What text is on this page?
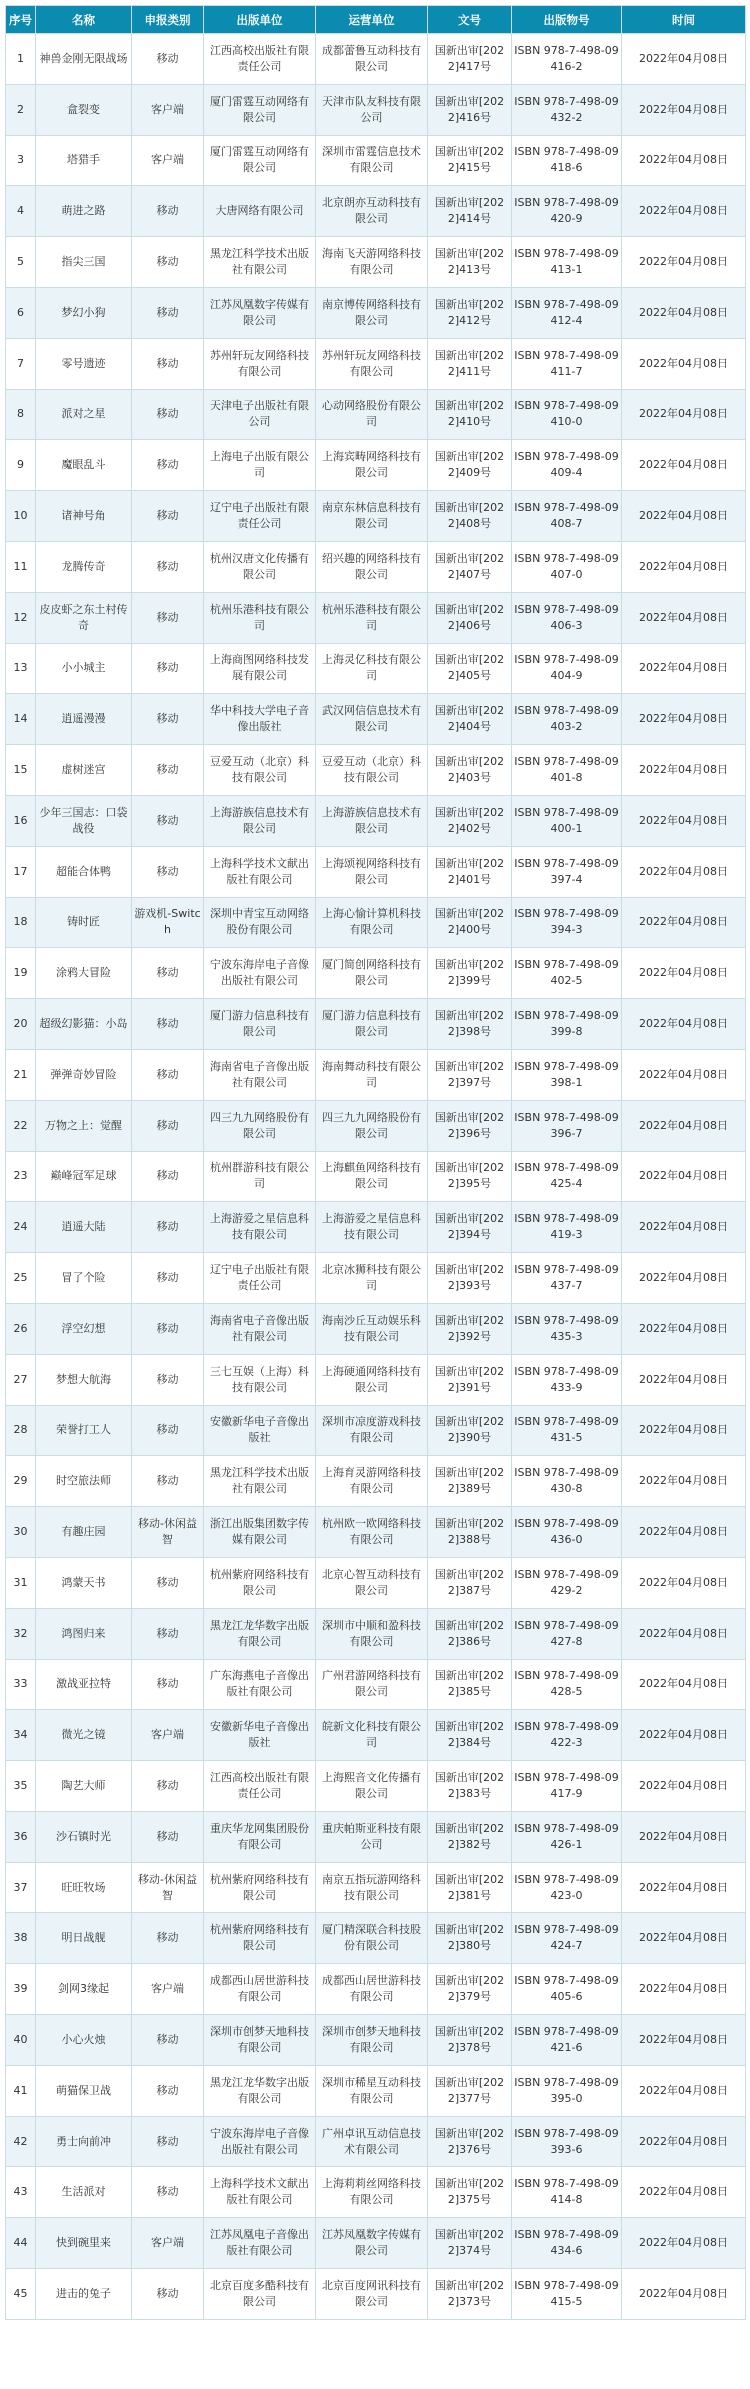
序号	名称	申报类别	出版单位	运营单位	文号	出版物号	时间
1	神兽金刚无限战场	移动	江西高校出版社有限责任公司	成都蕾鲁互动科技有限公司	国新出审[2022]417号	ISBN 978-7-498-09416-2	2022年04月08日
2	盒裂变	客户端	厦门雷霆互动网络有限公司	天津市队友科技有限公司	国新出审[2022]416号	ISBN 978-7-498-09432-2	2022年04月08日
3	塔猎手	客户端	厦门雷霆互动网络有限公司	深圳市雷霆信息技术有限公司	国新出审[2022]415号	ISBN 978-7-498-09418-6	2022年04月08日
4	萌进之路	移动	大唐网络有限公司	北京朗亦互动科技有限公司	国新出审[2022]414号	ISBN 978-7-498-09420-9	2022年04月08日
5	指尖三国	移动	黑龙江科学技术出版社有限公司	海南飞天游网络科技有限公司	国新出审[2022]413号	ISBN 978-7-498-09413-1	2022年04月08日
6	梦幻小狗	移动	江苏凤凰数字传媒有限公司	南京博传网络科技有限公司	国新出审[2022]412号	ISBN 978-7-498-09412-4	2022年04月08日
7	零号遗迹	移动	苏州轩玩友网络科技有限公司	苏州轩玩友网络科技有限公司	国新出审[2022]411号	ISBN 978-7-498-09411-7	2022年04月08日
8	派对之星	移动	天津电子出版社有限公司	心动网络股份有限公司	国新出审[2022]410号	ISBN 978-7-498-09410-0	2022年04月08日
9	魔眼乱斗	移动	上海电子出版有限公司	上海宾畴网络科技有限公司	国新出审[2022]409号	ISBN 978-7-498-09409-4	2022年04月08日
10	诸神号角	移动	辽宁电子出版社有限责任公司	南京东林信息科技有限公司	国新出审[2022]408号	ISBN 978-7-498-09408-7	2022年04月08日
11	龙腾传奇	移动	杭州汉唐文化传播有限公司	绍兴趣的网络科技有限公司	国新出审[2022]407号	ISBN 978-7-498-09407-0	2022年04月08日
12	皮皮虾之东土村传奇	移动	杭州乐港科技有限公司	杭州乐港科技有限公司	国新出审[2022]406号	ISBN 978-7-498-09406-3	2022年04月08日
13	小小城主	移动	上海商图网络科技发展有限公司	上海灵亿科技有限公司	国新出审[2022]405号	ISBN 978-7-498-09404-9	2022年04月08日
14	逍遥漫漫	移动	华中科技大学电子音像出版社	武汉网信信息技术有限公司	国新出审[2022]404号	ISBN 978-7-498-09403-2	2022年04月08日
15	虚树迷宫	移动	豆爱互动（北京）科技有限公司	豆爱互动（北京）科技有限公司	国新出审[2022]403号	ISBN 978-7-498-09401-8	2022年04月08日
16	少年三国志：口袋战役	移动	上海游族信息技术有限公司	上海游族信息技术有限公司	国新出审[2022]402号	ISBN 978-7-498-09400-1	2022年04月08日
17	超能合体鸭	移动	上海科学技术文献出版社有限公司	上海颂视网络科技有限公司	国新出审[2022]401号	ISBN 978-7-498-09397-4	2022年04月08日
18	铸时匠	游戏机-Switch	深圳中青宝互动网络股份有限公司	上海心愉计算机科技有限公司	国新出审[2022]400号	ISBN 978-7-498-09394-3	2022年04月08日
19	涂鸦大冒险	移动	宁波东海岸电子音像出版社有限公司	厦门简创网络科技有限公司	国新出审[2022]399号	ISBN 978-7-498-09402-5	2022年04月08日
20	超级幻影猫：小岛	移动	厦门游力信息科技有限公司	厦门游力信息科技有限公司	国新出审[2022]398号	ISBN 978-7-498-09399-8	2022年04月08日
21	弹弹奇妙冒险	移动	海南省电子音像出版社有限公司	海南舞动科技有限公司	国新出审[2022]397号	ISBN 978-7-498-09398-1	2022年04月08日
22	万物之上：觉醒	移动	四三九九网络股份有限公司	四三九九网络股份有限公司	国新出审[2022]396号	ISBN 978-7-498-09396-7	2022年04月08日
23	巅峰冠军足球	移动	杭州群游科技有限公司	上海麒鱼网络科技有限公司	国新出审[2022]395号	ISBN 978-7-498-09425-4	2022年04月08日
24	逍遥大陆	移动	上海游爱之星信息科技有限公司	上海游爱之星信息科技有限公司	国新出审[2022]394号	ISBN 978-7-498-09419-3	2022年04月08日
25	冒了个险	移动	辽宁电子出版社有限责任公司	北京冰狮科技有限公司	国新出审[2022]393号	ISBN 978-7-498-09437-7	2022年04月08日
26	浮空幻想	移动	海南省电子音像出版社有限公司	海南沙丘互动娱乐科技有限公司	国新出审[2022]392号	ISBN 978-7-498-09435-3	2022年04月08日
27	梦想大航海	移动	三七互娱（上海）科技有限公司	上海硬通网络科技有限公司	国新出审[2022]391号	ISBN 978-7-498-09433-9	2022年04月08日
28	荣誉打工人	移动	安徽新华电子音像出版社	深圳市凉度游戏科技有限公司	国新出审[2022]390号	ISBN 978-7-498-09431-5	2022年04月08日
29	时空旅法师	移动	黑龙江科学技术出版社有限公司	上海育灵游网络科技有限公司	国新出审[2022]389号	ISBN 978-7-498-09430-8	2022年04月08日
30	有趣庄园	移动-休闲益智	浙江出版集团数字传媒有限公司	杭州欧一欧网络科技有限公司	国新出审[2022]388号	ISBN 978-7-498-09436-0	2022年04月08日
31	鸿蒙天书	移动	杭州紫府网络科技有限公司	北京心智互动科技有限公司	国新出审[2022]387号	ISBN 978-7-498-09429-2	2022年04月08日
32	鸿图归来	移动	黑龙江龙华数字出版有限公司	深圳市中顺和盈科技有限公司	国新出审[2022]386号	ISBN 978-7-498-09427-8	2022年04月08日
33	激战亚拉特	移动	广东海燕电子音像出版社有限公司	广州君游网络科技有限公司	国新出审[2022]385号	ISBN 978-7-498-09428-5	2022年04月08日
34	微光之镜	客户端	安徽新华电子音像出版社	皖新文化科技有限公司	国新出审[2022]384号	ISBN 978-7-498-09422-3	2022年04月08日
35	陶艺大师	移动	江西高校出版社有限责任公司	上海熙音文化传播有限公司	国新出审[2022]383号	ISBN 978-7-498-09417-9	2022年04月08日
36	沙石镇时光	移动	重庆华龙网集团股份有限公司	重庆帕斯亚科技有限公司	国新出审[2022]382号	ISBN 978-7-498-09426-1	2022年04月08日
37	旺旺牧场	移动-休闲益智	杭州紫府网络科技有限公司	南京五指玩游网络科技有限公司	国新出审[2022]381号	ISBN 978-7-498-09423-0	2022年04月08日
38	明日战舰	移动	杭州紫府网络科技有限公司	厦门精深联合科技股份有限公司	国新出审[2022]380号	ISBN 978-7-498-09424-7	2022年04月08日
39	剑网3缘起	客户端	成都西山居世游科技有限公司	成都西山居世游科技有限公司	国新出审[2022]379号	ISBN 978-7-498-09405-6	2022年04月08日
40	小心火烛	移动	深圳市创梦天地科技有限公司	深圳市创梦天地科技有限公司	国新出审[2022]378号	ISBN 978-7-498-09421-6	2022年04月08日
41	萌猫保卫战	移动	黑龙江龙华数字出版有限公司	深圳市稀星互动科技有限公司	国新出审[2022]377号	ISBN 978-7-498-09395-0	2022年04月08日
42	勇士向前冲	移动	宁波东海岸电子音像出版社有限公司	广州卓讯互动信息技术有限公司	国新出审[2022]376号	ISBN 978-7-498-09393-6	2022年04月08日
43	生活派对	移动	上海科学技术文献出版社有限公司	上海莉莉丝网络科技有限公司	国新出审[2022]375号	ISBN 978-7-498-09414-8	2022年04月08日
44	快到碗里来	客户端	江苏凤凰电子音像出版社有限公司	江苏凤凰数字传媒有限公司	国新出审[2022]374号	ISBN 978-7-498-09434-6	2022年04月08日
45	进击的兔子	移动	北京百度多酷科技有限公司	北京百度网讯科技有限公司	国新出审[2022]373号	ISBN 978-7-498-09415-5	2022年04月08日
